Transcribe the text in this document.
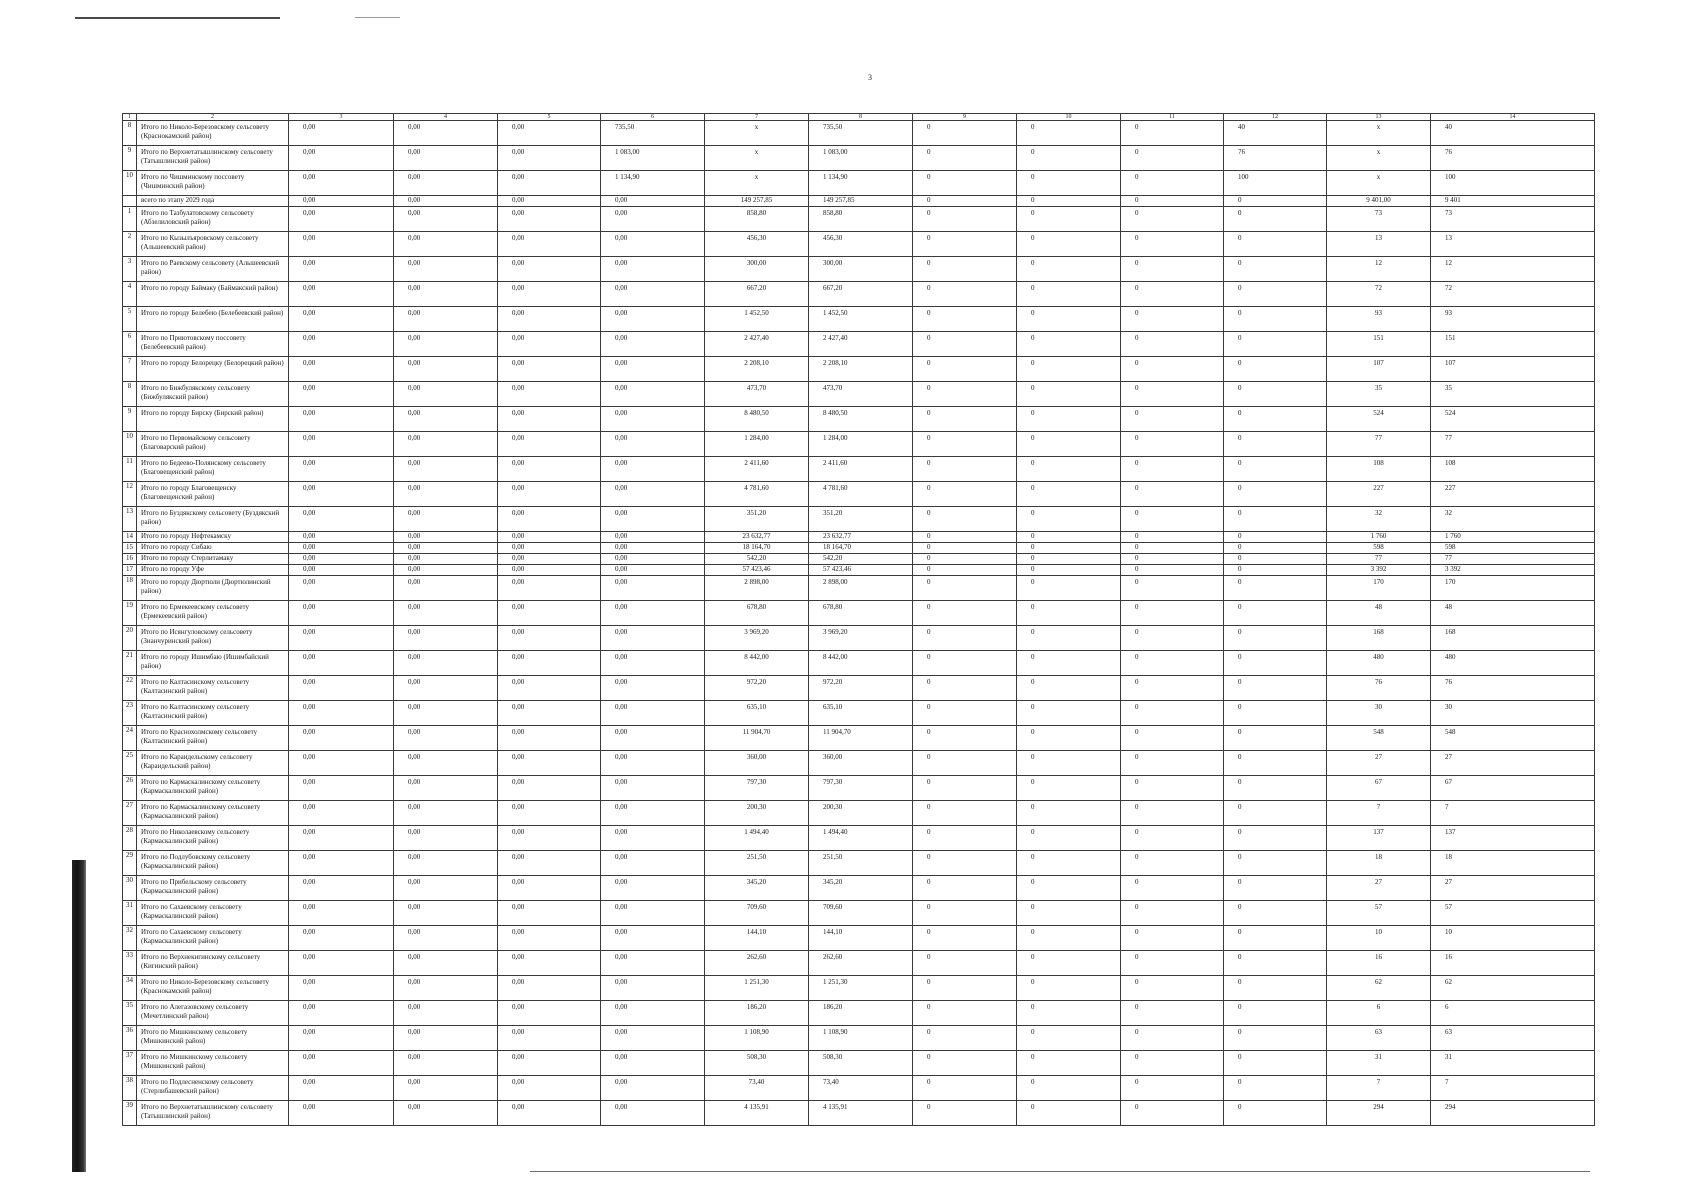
3
1	2	3	4	5	6	7	8	9	10	11	12	13	14
8	Итого по Николо-Березовскому сельсовету (Краснокамский район)	0,00	0,00	0,00	735,50	x	735,50	0	0	0	40	x	40
9	Итого по Верхнетатышлинскому сельсовету (Татышлинский район)	0,00	0,00	0,00	1 083,00	x	1 083,00	0	0	0	76	x	76
10	Итого по Чишминскому поссовету (Чишминский район)	0,00	0,00	0,00	1 134,90	x	1 134,90	0	0	0	100	x	100
	всего по этапу 2029 года	0,00	0,00	0,00	0,00	149 257,85	149 257,85	0	0	0	0	9 401,00	9 401
1	Итого по Тазбулатовскому сельсовету (Абзелиловский район)	0,00	0,00	0,00	0,00	858,80	858,80	0	0	0	0	73	73
2	Итого по Кызылъяровскому сельсовету (Альшеевский район)	0,00	0,00	0,00	0,00	456,30	456,30	0	0	0	0	13	13
3	Итого по Раевскому сельсовету (Альшеевский район)	0,00	0,00	0,00	0,00	300,00	300,00	0	0	0	0	12	12
4	Итого по городу Баймаку (Баймакский район)	0,00	0,00	0,00	0,00	667,20	667,20	0	0	0	0	72	72
5	Итого по городу Белебею (Белебеевский район)	0,00	0,00	0,00	0,00	1 452,50	1 452,50	0	0	0	0	93	93
6	Итого по Приютовскому поссовету (Белебеевский район)	0,00	0,00	0,00	0,00	2 427,40	2 427,40	0	0	0	0	151	151
7	Итого по городу Белорецку (Белорецкий район)	0,00	0,00	0,00	0,00	2 208,10	2 208,10	0	0	0	0	107	107
8	Итого по Бижбулякскому сельсовету (Бижбулякский район)	0,00	0,00	0,00	0,00	473,70	473,70	0	0	0	0	35	35
9	Итого по городу Бирску (Бирский район)	0,00	0,00	0,00	0,00	8 480,50	8 480,50	0	0	0	0	524	524
10	Итого по Первомайскому сельсовету (Благоварский район)	0,00	0,00	0,00	0,00	1 284,00	1 284,00	0	0	0	0	77	77
11	Итого по Бедеево-Полянскому сельсовету (Благовещенский район)	0,00	0,00	0,00	0,00	2 411,60	2 411,60	0	0	0	0	108	108
12	Итого по городу Благовещенску (Благовещенский район)	0,00	0,00	0,00	0,00	4 781,60	4 781,60	0	0	0	0	227	227
13	Итого по Буздякскому сельсовету (Буздякский район)	0,00	0,00	0,00	0,00	351,20	351,20	0	0	0	0	32	32
14	Итого по городу Нефтекамску	0,00	0,00	0,00	0,00	23 632,77	23 632,77	0	0	0	0	1 760	1 760
15	Итого по городу Сибаю	0,00	0,00	0,00	0,00	18 164,70	18 164,70	0	0	0	0	598	598
16	Итого по городу Стерлитамаку	0,00	0,00	0,00	0,00	542,20	542,20	0	0	0	0	77	77
17	Итого по городу Уфе	0,00	0,00	0,00	0,00	57 423,46	57 423,46	0	0	0	0	3 392	3 392
18	Итого по городу Дюртюли (Дюртюлинский район)	0,00	0,00	0,00	0,00	2 898,00	2 898,00	0	0	0	0	170	170
19	Итого по Ермекеевскому сельсовету (Ермекеевский район)	0,00	0,00	0,00	0,00	678,80	678,80	0	0	0	0	48	48
20	Итого по Исянгуловскому сельсовету (Зианчуринский район)	0,00	0,00	0,00	0,00	3 969,20	3 969,20	0	0	0	0	168	168
21	Итого по городу Ишимбаю (Ишимбайский район)	0,00	0,00	0,00	0,00	8 442,00	8 442,00	0	0	0	0	480	480
22	Итого по Калтасинскому сельсовету (Калтасинский район)	0,00	0,00	0,00	0,00	972,20	972,20	0	0	0	0	76	76
23	Итого по Калтасинскому сельсовету (Калтасинский район)	0,00	0,00	0,00	0,00	635,10	635,10	0	0	0	0	30	30
24	Итого по Краснохолмскому сельсовету (Калтасинский район)	0,00	0,00	0,00	0,00	11 904,70	11 904,70	0	0	0	0	548	548
25	Итого по Караидельскому сельсовету (Караидельский район)	0,00	0,00	0,00	0,00	360,00	360,00	0	0	0	0	27	27
26	Итого по Кармаскалинскому сельсовету (Кармаскалинский район)	0,00	0,00	0,00	0,00	797,30	797,30	0	0	0	0	67	67
27	Итого по Кармаскалинскому сельсовету (Кармаскалинский район)	0,00	0,00	0,00	0,00	200,30	200,30	0	0	0	0	7	7
28	Итого по Николаевскому сельсовету (Кармаскалинский район)	0,00	0,00	0,00	0,00	1 494,40	1 494,40	0	0	0	0	137	137
29	Итого по Подлубовскому сельсовету (Кармаскалинский район)	0,00	0,00	0,00	0,00	251,50	251,50	0	0	0	0	18	18
30	Итого по Прибельскому сельсовету (Кармаскалинский район)	0,00	0,00	0,00	0,00	345,20	345,20	0	0	0	0	27	27
31	Итого по Сахаевскому сельсовету (Кармаскалинский район)	0,00	0,00	0,00	0,00	709,60	709,60	0	0	0	0	57	57
32	Итого по Сахаевскому сельсовету (Кармаскалинский район)	0,00	0,00	0,00	0,00	144,10	144,10	0	0	0	0	10	10
33	Итого по Верхнекигинскому сельсовету (Кигинский район)	0,00	0,00	0,00	0,00	262,60	262,60	0	0	0	0	16	16
34	Итого по Николо-Березовскому сельсовету (Краснокамский район)	0,00	0,00	0,00	0,00	1 251,30	1 251,30	0	0	0	0	62	62
35	Итого по Алегазовскому сельсовету (Мечетлинский район)	0,00	0,00	0,00	0,00	186,20	186,20	0	0	0	0	6	6
36	Итого по Мишкинскому сельсовету (Мишкинский район)	0,00	0,00	0,00	0,00	1 108,90	1 108,90	0	0	0	0	63	63
37	Итого по Мишкинскому сельсовету (Мишкинский район)	0,00	0,00	0,00	0,00	508,30	508,30	0	0	0	0	31	31
38	Итого по Подлесненскому сельсовету (Стерлибашевский район)	0,00	0,00	0,00	0,00	73,40	73,40	0	0	0	0	7	7
39	Итого по Верхнетатышлинскому сельсовету (Татышлинский район)	0,00	0,00	0,00	0,00	4 135,91	4 135,91	0	0	0	0	294	294
